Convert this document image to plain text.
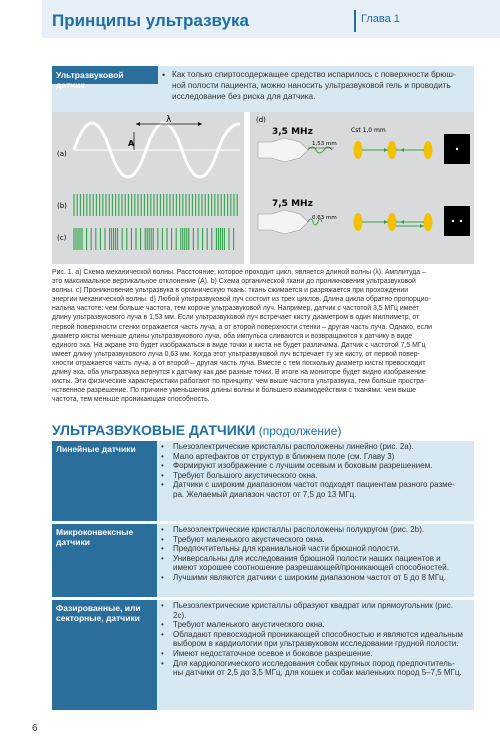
Принципы ультразвука	Глава 1
Ультразвуковой датчик
• Как только спиртосодержащее средство испарилось с поверхности брюш-
ной полости пациента, можно наносить ультразвуковой гель и проводить
исследование без риска для датчика.
λ
A
(a)
(b)
(c)
(d)
3,5 MHz	Cst 1,0 mm
1,53 mm
7,5 MHz
0,63 mm
Рис. 1. a) Схема механической волны. Расстояние, которое проходит цикл, является длиной волны (λ). Амплитуда –
это максимальное вертикальное отклонение (А). b) Схема органической ткани до проникновения ультразвуковой
волны. c) Проникновение ультразвука в органическую ткань: ткань сжимается и разряжается при прохождении
энергии механической волны. d) Любой ультразвуковой луч состоит из трех циклов. Длина цикла обратно пропорцио-
нальна частоте: чем больше частота, тем короче ультразвуковой луч. Например, датчик с частотой 3,5 МГц имеет
длину ультразвукового луча в 1,53 мм. Если ультразвуковой луч встречает кисту диаметром в один миллиметр, от
первой поверхности стенки отражается часть луча, а от второй поверхности стенки – другая часть луча. Однако, если
диаметр кисты меньше длины ультразвукового луча, оба импульса сливаются и возвращаются к датчику в виде
единого эха. На экране это будет изображаться в виде точки и киста не будет различима. Датчик с частотой 7,5 МГц
имеет длину ультразвукового луча 0,63 мм. Когда этот ультразвуковой луч встречает ту же кисту, от первой повер-
хности отражается часть луча, а от второй – другая часть луча. Вместе с тем поскольку диаметр кисты превосходит
длину эха, оба ультразвука вернутся к датчику как две разные точки. В итоге на мониторе будет видно изображение
кисты. Эти физические характеристики работают по принципу: чем выше частота ультразвука, тем больше простра-
нственное разрешение. По причине уменьшения длины волны и большего взаимодействия с тканями: чем выше
частота, тем меньше проникающая способность.
УЛЬТРАЗВУКОВЫЕ ДАТЧИКИ (продолжение)
Линейные датчики	•	Пьезоэлектрические кристаллы расположены линейно (рис. 2a).
•	Мало артефактов от структур в ближнем поле (см. Главу 3)
•	Формируют изображение с лучшим осевым и боковым разрешением.
•	Требуют большого акустического окна.
•	Датчики с широким диапазоном частот подходят пациентам разного разме-
ра. Желаемый диапазон частот от 7,5 до 13 МГц.
Микроконвексные датчики
•	Пьезоэлектрические кристаллы расположены полукругом (рис. 2b).
•	Требуют маленького акустического окна.
•	Предпочтительны для краниальной части брюшной полости.
•	Универсальны для исследования брюшной полости наших пациентов и
имеют хорошее соотношение разрешающей/проникающей способностей.
•	Лучшими являются датчики с широким диапазоном частот от 5 до 8 МГц.
Фазированные, или секторные, датчики
•	Пьезоэлектрические кристаллы образуют квадрат или прямоугольник (рис. 2c).
•	Требуют маленького акустического окна.
•	Обладают превосходной проникающей способностью и являются идеальным
выбором в кардиологии при ультразвуковом исследовании грудной полости.
•	Имеют недостаточное осевое и боковое разрешение.
•	Для кардиологического исследования собак крупных пород предпочтитель-
ны датчики от 2,5 до 3,5 МГц, для кошек и собак маленьких пород 5–7,5 МГц.
6
